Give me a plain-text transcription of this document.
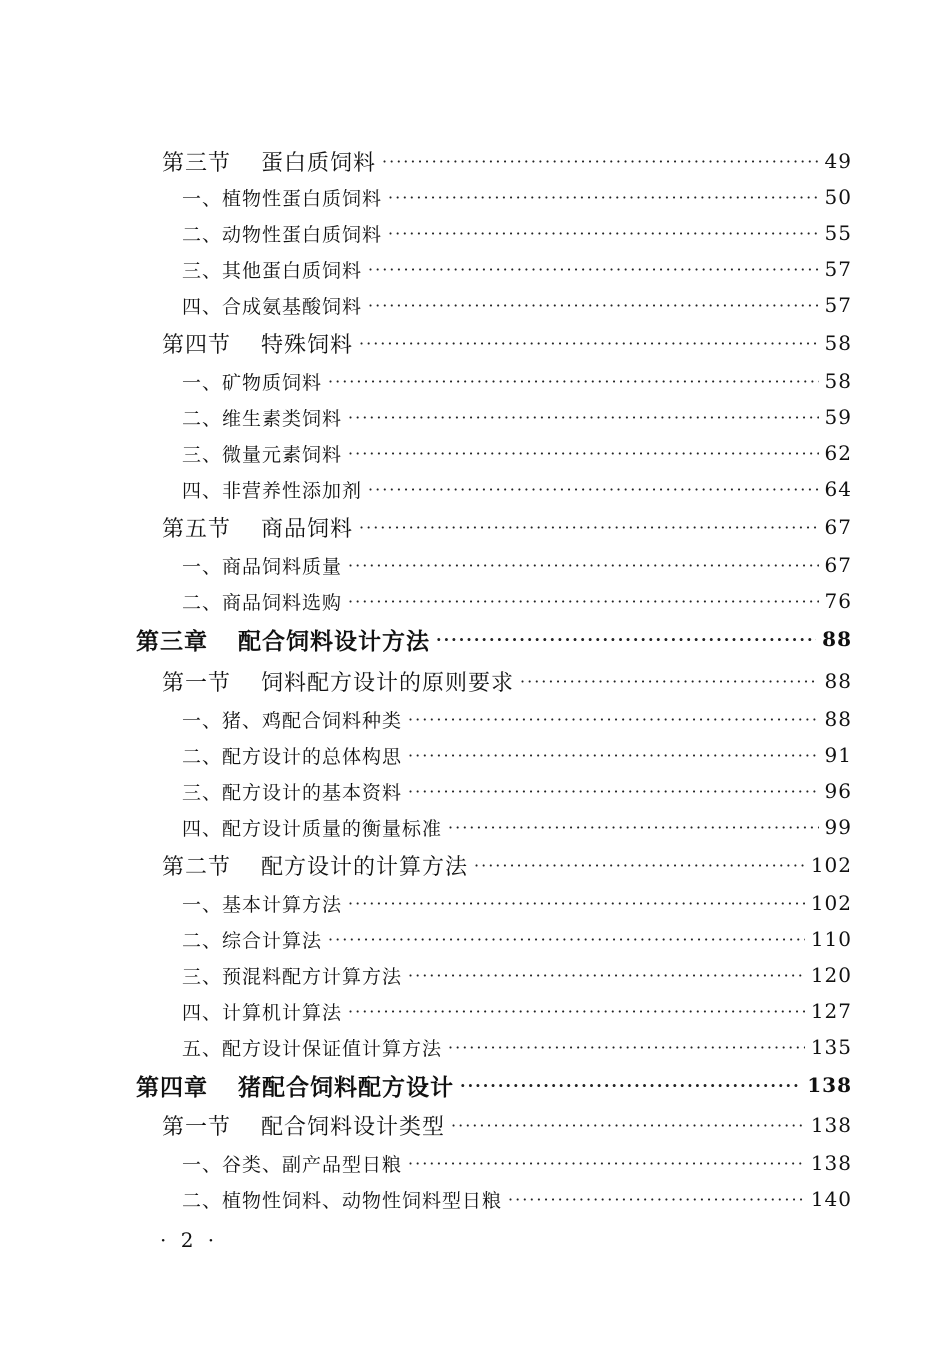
第三节 蛋白质饲料 ·····	49
一、植物性蛋白质饲料 ·····	50
二、动物性蛋白质饲料 ·····	55
三、其他蛋白质饲料 ·····	57
四、合成氨基酸饲料 ·····	57
第四节 特殊饲料 ·····	58
一、矿物质饲料 ·····	58
二、维生素类饲料 ·····	59
三、微量元素饲料 ·····	62
四、非营养性添加剂 ·····	64
第五节 商品饲料 ·····	67
一、商品饲料质量 ·····	67
二、商品饲料选购 ·····	76
第三章 配合饲料设计方法 ·····	88
第一节 饲料配方设计的原则要求 ·····	88
一、猪、鸡配合饲料种类 ·····	88
二、配方设计的总体构思 ·····	91
三、配方设计的基本资料 ·····	96
四、配方设计质量的衡量标准 ·····	99
第二节 配方设计的计算方法 ·····	102
一、基本计算方法 ·····	102
二、综合计算法 ·····	110
三、预混料配方计算方法 ·····	120
四、计算机计算法 ·····	127
五、配方设计保证值计算方法 ·····	135
第四章 猪配合饲料配方设计 ·····	138
第一节 配合饲料设计类型 ·····	138
一、谷类、副产品型日粮 ·····	138
二、植物性饲料、动物性饲料型日粮 ·····	140
· 2 ·
